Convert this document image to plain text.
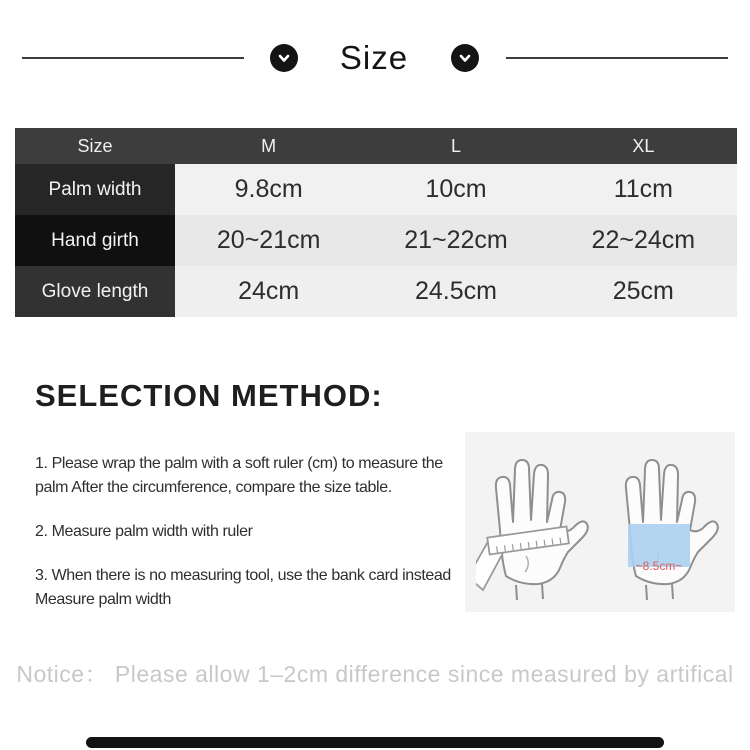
Size
Size	M	L	XL
Palm width	9.8cm	10cm	11cm
Hand girth	20~21cm	21~22cm	22~24cm
Glove length	24cm	24.5cm	25cm
SELECTION METHOD:

1. Please wrap the palm with a soft ruler (cm) to measure the palm After the circumference, compare the size table.

2. Measure palm width with ruler

3. When there is no measuring tool, use the bank card instead Measure palm width

~8.5cm~

Notice： Please allow 1–2cm difference since measured by artifical
